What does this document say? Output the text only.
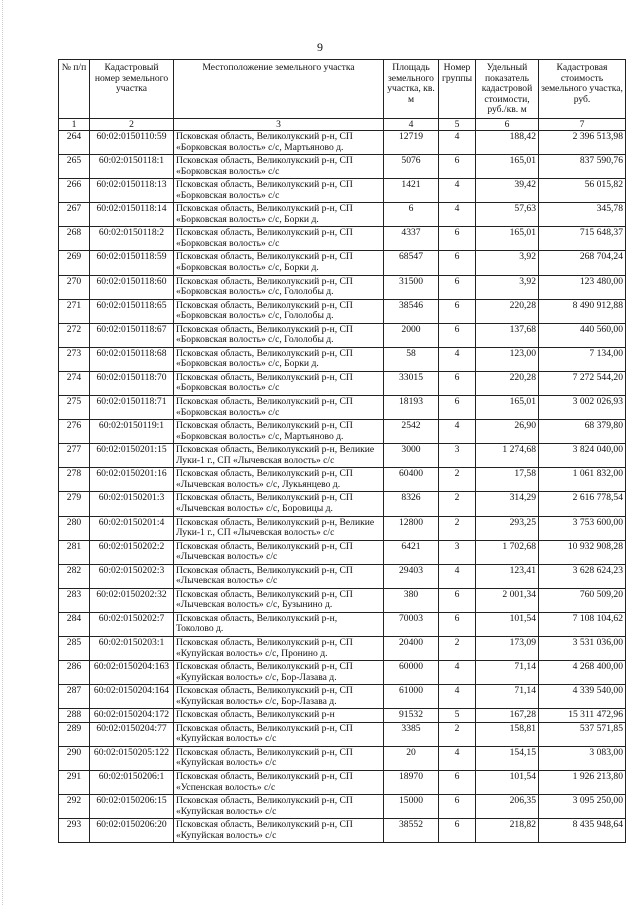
9
№ п/п	Кадастровый номер земельного участка	Местоположение земельного участка	Площадь земельного участка, кв. м	Номер группы	Удельный показатель кадастровой стоимости, руб./кв. м	Кадастровая стоимость земельного участка, руб.
1	2	3	4	5	6	7
264	60:02:0150110:59	Псковская область, Великолукский р-н, СП
«Борковская волость» с/с, Мартьяново д.	12719	4	188,42	2 396 513,98
265	60:02:0150118:1	Псковская область, Великолукский р-н, СП
«Борковская волость» с/с	5076	6	165,01	837 590,76
266	60:02:0150118:13	Псковская область, Великолукский р-н, СП
«Борковская волость» с/с	1421	4	39,42	56 015,82
267	60:02:0150118:14	Псковская область, Великолукский р-н, СП
«Борковская волость» с/с, Борки д.	6	4	57,63	345,78
268	60:02:0150118:2	Псковская область, Великолукский р-н, СП
«Борковская волость» с/с	4337	6	165,01	715 648,37
269	60:02:0150118:59	Псковская область, Великолукский р-н, СП
«Борковская волость» с/с, Борки д.	68547	6	3,92	268 704,24
270	60:02:0150118:60	Псковская область, Великолукский р-н, СП
«Борковская волость» с/с, Гололобы д.	31500	6	3,92	123 480,00
271	60:02:0150118:65	Псковская область, Великолукский р-н, СП
«Борковская волость» с/с, Гололобы д.	38546	6	220,28	8 490 912,88
272	60:02:0150118:67	Псковская область, Великолукский р-н, СП
«Борковская волость» с/с, Гололобы д.	2000	6	137,68	440 560,00
273	60:02:0150118:68	Псковская область, Великолукский р-н, СП
«Борковская волость» с/с, Борки д.	58	4	123,00	7 134,00
274	60:02:0150118:70	Псковская область, Великолукский р-н, СП
«Борковская волость» с/с	33015	6	220,28	7 272 544,20
275	60:02:0150118:71	Псковская область, Великолукский р-н, СП
«Борковская волость» с/с	18193	6	165,01	3 002 026,93
276	60:02:0150119:1	Псковская область, Великолукский р-н, СП
«Борковская волость» с/с, Мартьяново д.	2542	4	26,90	68 379,80
277	60:02:0150201:15	Псковская область, Великолукский р-н, Великие
Луки-1 г., СП «Лычевская волость» с/с	3000	3	1 274,68	3 824 040,00
278	60:02:0150201:16	Псковская область, Великолукский р-н, СП
«Лычевская волость» с/с, Лукьянцево д.	60400	2	17,58	1 061 832,00
279	60:02:0150201:3	Псковская область, Великолукский р-н, СП
«Лычевская волость» с/с, Боровицы д.	8326	2	314,29	2 616 778,54
280	60:02:0150201:4	Псковская область, Великолукский р-н, Великие
Луки-1 г., СП «Лычевская волость» с/с	12800	2	293,25	3 753 600,00
281	60:02:0150202:2	Псковская область, Великолукский р-н, СП
«Лычевская волость» с/с	6421	3	1 702,68	10 932 908,28
282	60:02:0150202:3	Псковская область, Великолукский р-н, СП
«Лычевская волость» с/с	29403	4	123,41	3 628 624,23
283	60:02:0150202:32	Псковская область, Великолукский р-н, СП
«Лычевская волость» с/с, Бузынино д.	380	6	2 001,34	760 509,20
284	60:02:0150202:7	Псковская область, Великолукский р-н,
Токолово д.	70003	6	101,54	7 108 104,62
285	60:02:0150203:1	Псковская область, Великолукский р-н, СП
«Купуйская волость» с/с, Пронино д.	20400	2	173,09	3 531 036,00
286	60:02:0150204:163	Псковская область, Великолукский р-н, СП
«Купуйская волость» с/с, Бор-Лазава д.	60000	4	71,14	4 268 400,00
287	60:02:0150204:164	Псковская область, Великолукский р-н, СП
«Купуйская волость» с/с, Бор-Лазава д.	61000	4	71,14	4 339 540,00
288	60:02:0150204:172	Псковская область, Великолукский р-н	91532	5	167,28	15 311 472,96
289	60:02:0150204:77	Псковская область, Великолукский р-н, СП
«Купуйская волость» с/с	3385	2	158,81	537 571,85
290	60:02:0150205:122	Псковская область, Великолукский р-н, СП
«Купуйская волость» с/с	20	4	154,15	3 083,00
291	60:02:0150206:1	Псковская область, Великолукский р-н, СП
«Успенская волость» с/с	18970	6	101,54	1 926 213,80
292	60:02:0150206:15	Псковская область, Великолукский р-н, СП
«Купуйская волость» с/с	15000	6	206,35	3 095 250,00
293	60:02:0150206:20	Псковская область, Великолукский р-н, СП
«Купуйская волость» с/с	38552	6	218,82	8 435 948,64
